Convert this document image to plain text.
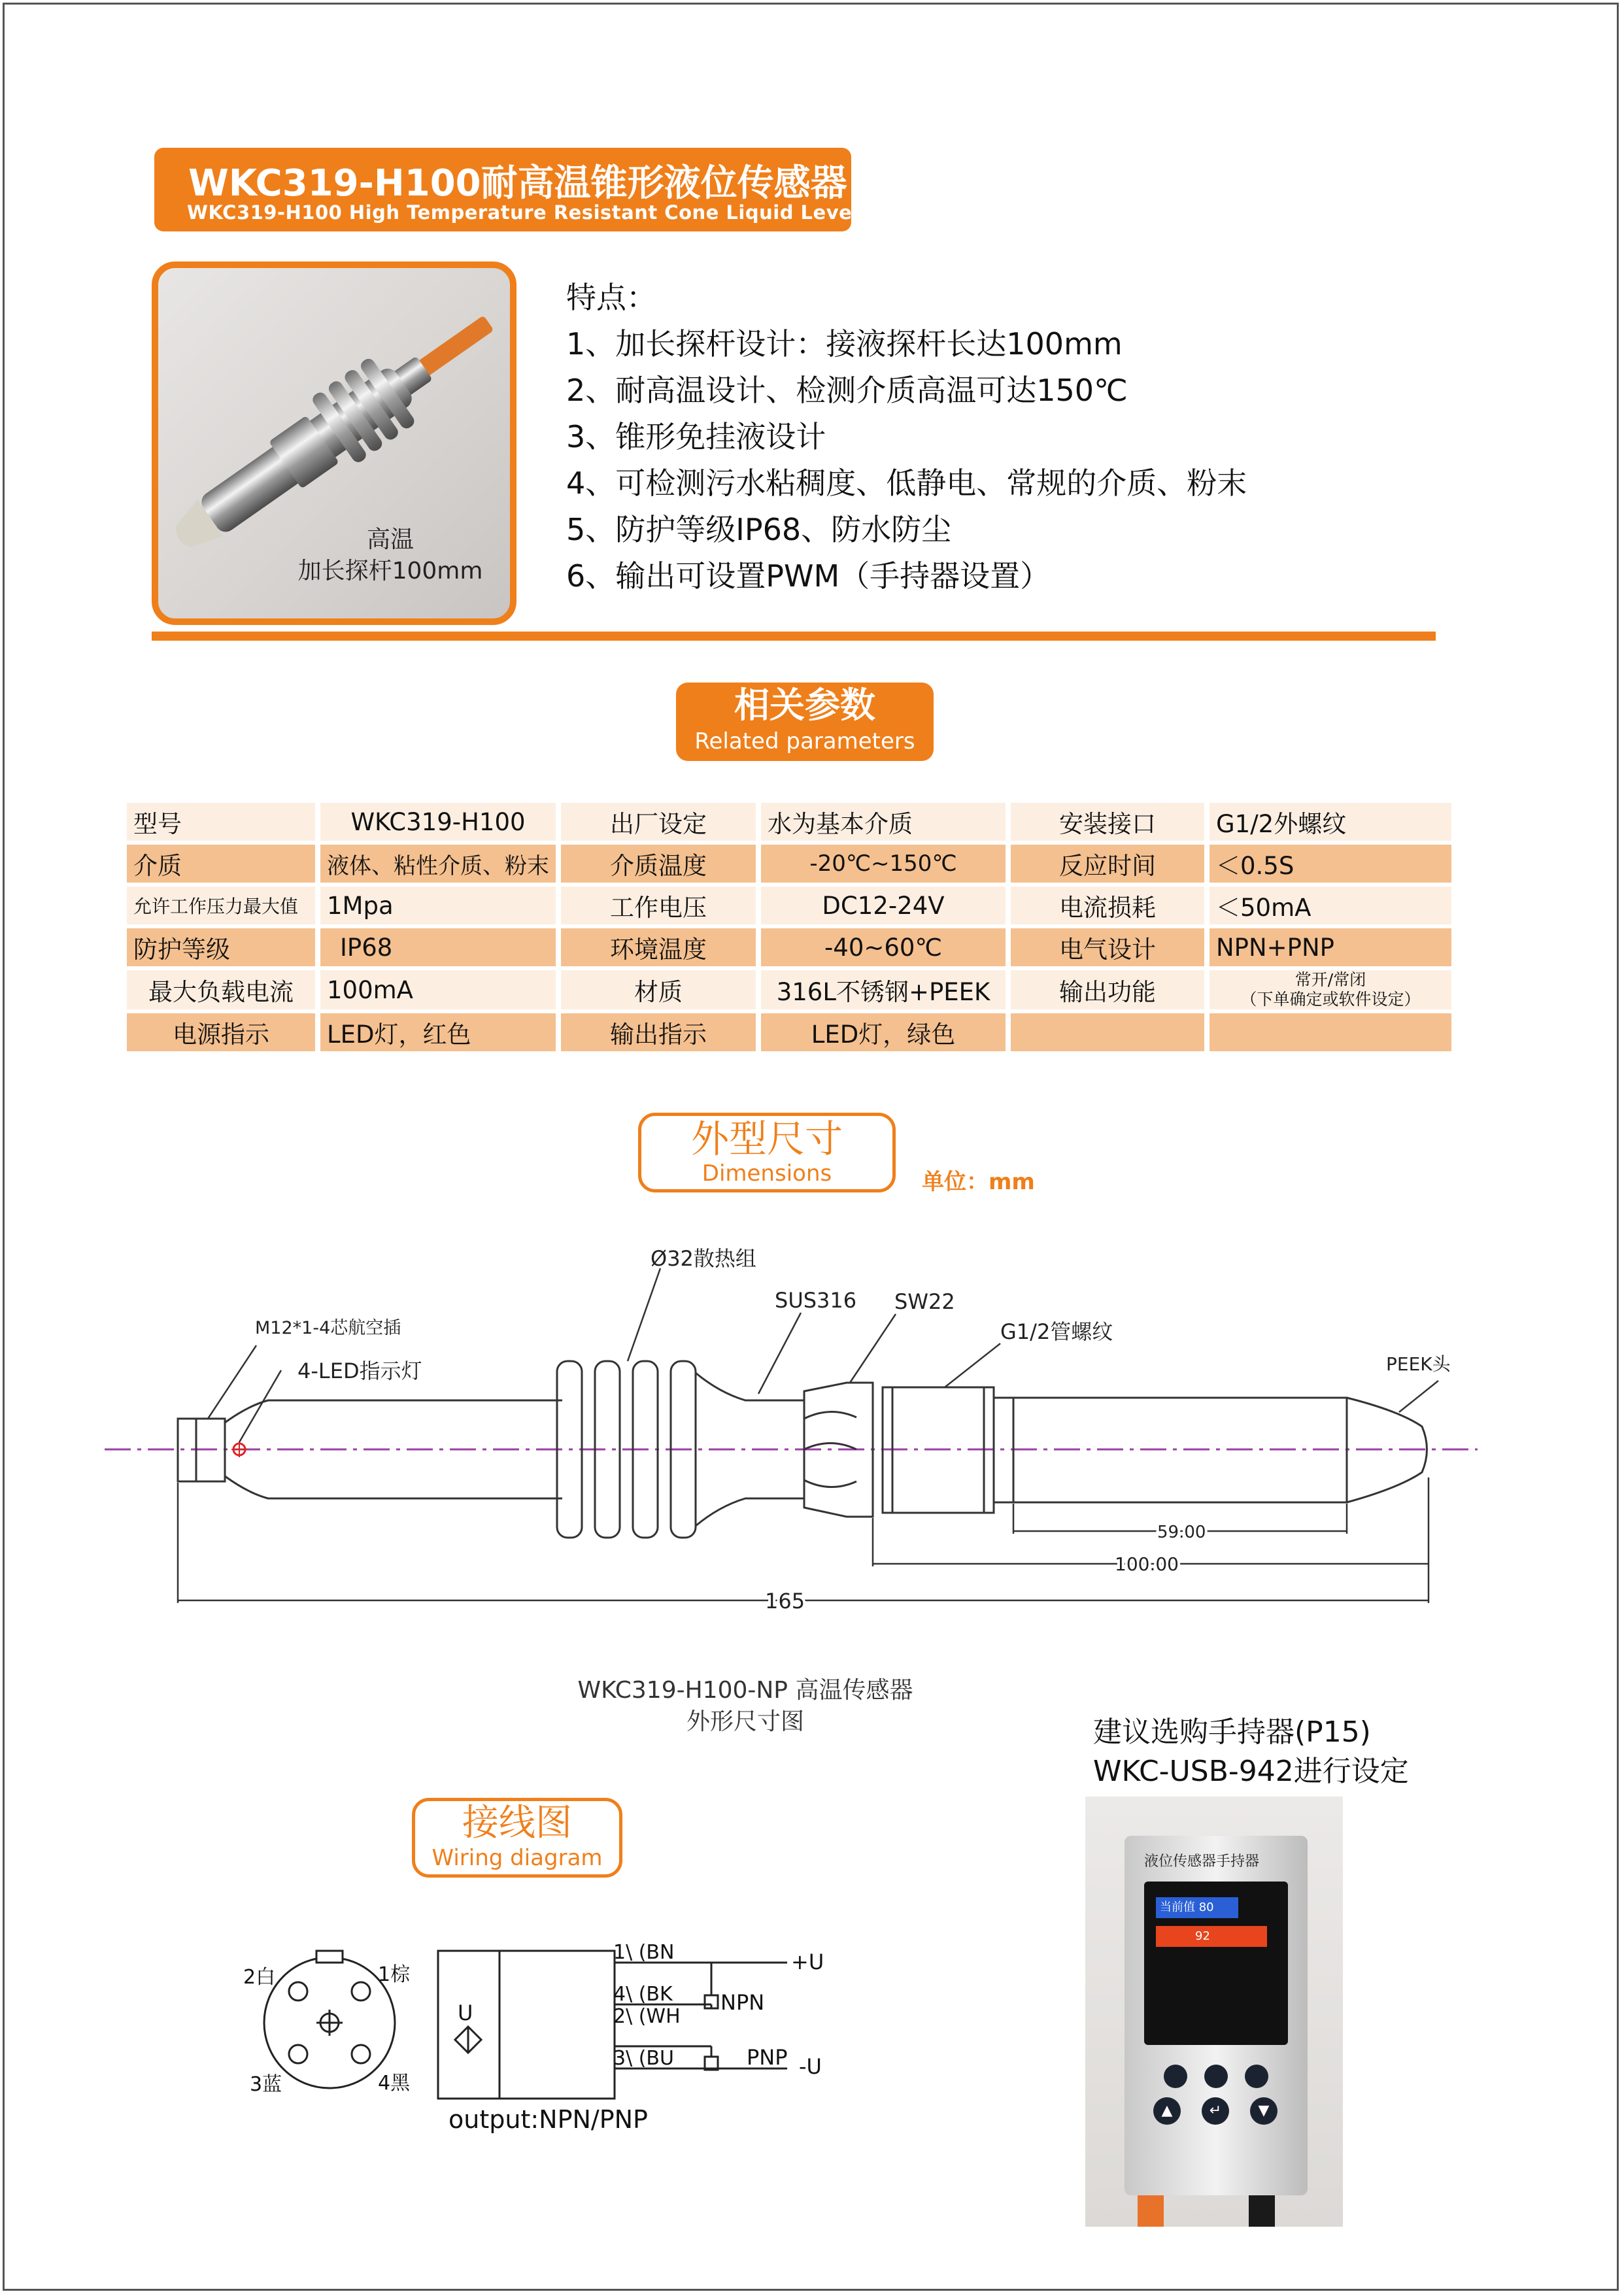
WKC319-H100耐高温锥形液位传感器
WKC319-H100 High Temperature Resistant Cone Liquid Level Sensor
高温
加长探杆100mm
特点：
1、加长探杆设计：接液探杆长达100mm
2、耐高温设计、检测介质高温可达150℃
3、锥形免挂液设计
4、可检测污水粘稠度、低静电、常规的介质、粉末
5、防护等级IP68、防水防尘
6、输出可设置PWM（手持器设置）
相关参数
Related parameters
型号	WKC319-H100	出厂设定	水为基本介质	安装接口	G1/2外螺纹
介质	液体、粘性介质、粉末	介质温度	-20℃~150℃	反应时间	＜0.5S
允许工作压力最大值	1Mpa	工作电压	DC12-24V	电流损耗	＜50mA
防护等级	IP68	环境温度	-40~60℃	电气设计	NPN+PNP
最大负载电流	100mA	材质	316L不锈钢+PEEK	输出功能	常开/常闭
（下单确定或软件设定）

电源指示	LED灯，红色	输出指示	LED灯，绿色		
外型尺寸
Dimensions	单位：mm
M12*1-4芯航空插
4-LED指示灯
Ø32散热组
SUS316 SW22
G1/2管螺纹
PEEK头
59.00
100.00
165
WKC319-H100-NP 高温传感器
外形尺寸图
接线图
Wiring diagram
2白	1棕
3蓝	4黑
U
1\ (BN
4\ (BK
2\ (WH
3\ (BU
+U
NPN
PNP -U
output:NPN/PNP
建议选购手持器(P15)
WKC-USB-942进行设定
液位传感器手持器
当前值 80
92
▲	↵	▼
